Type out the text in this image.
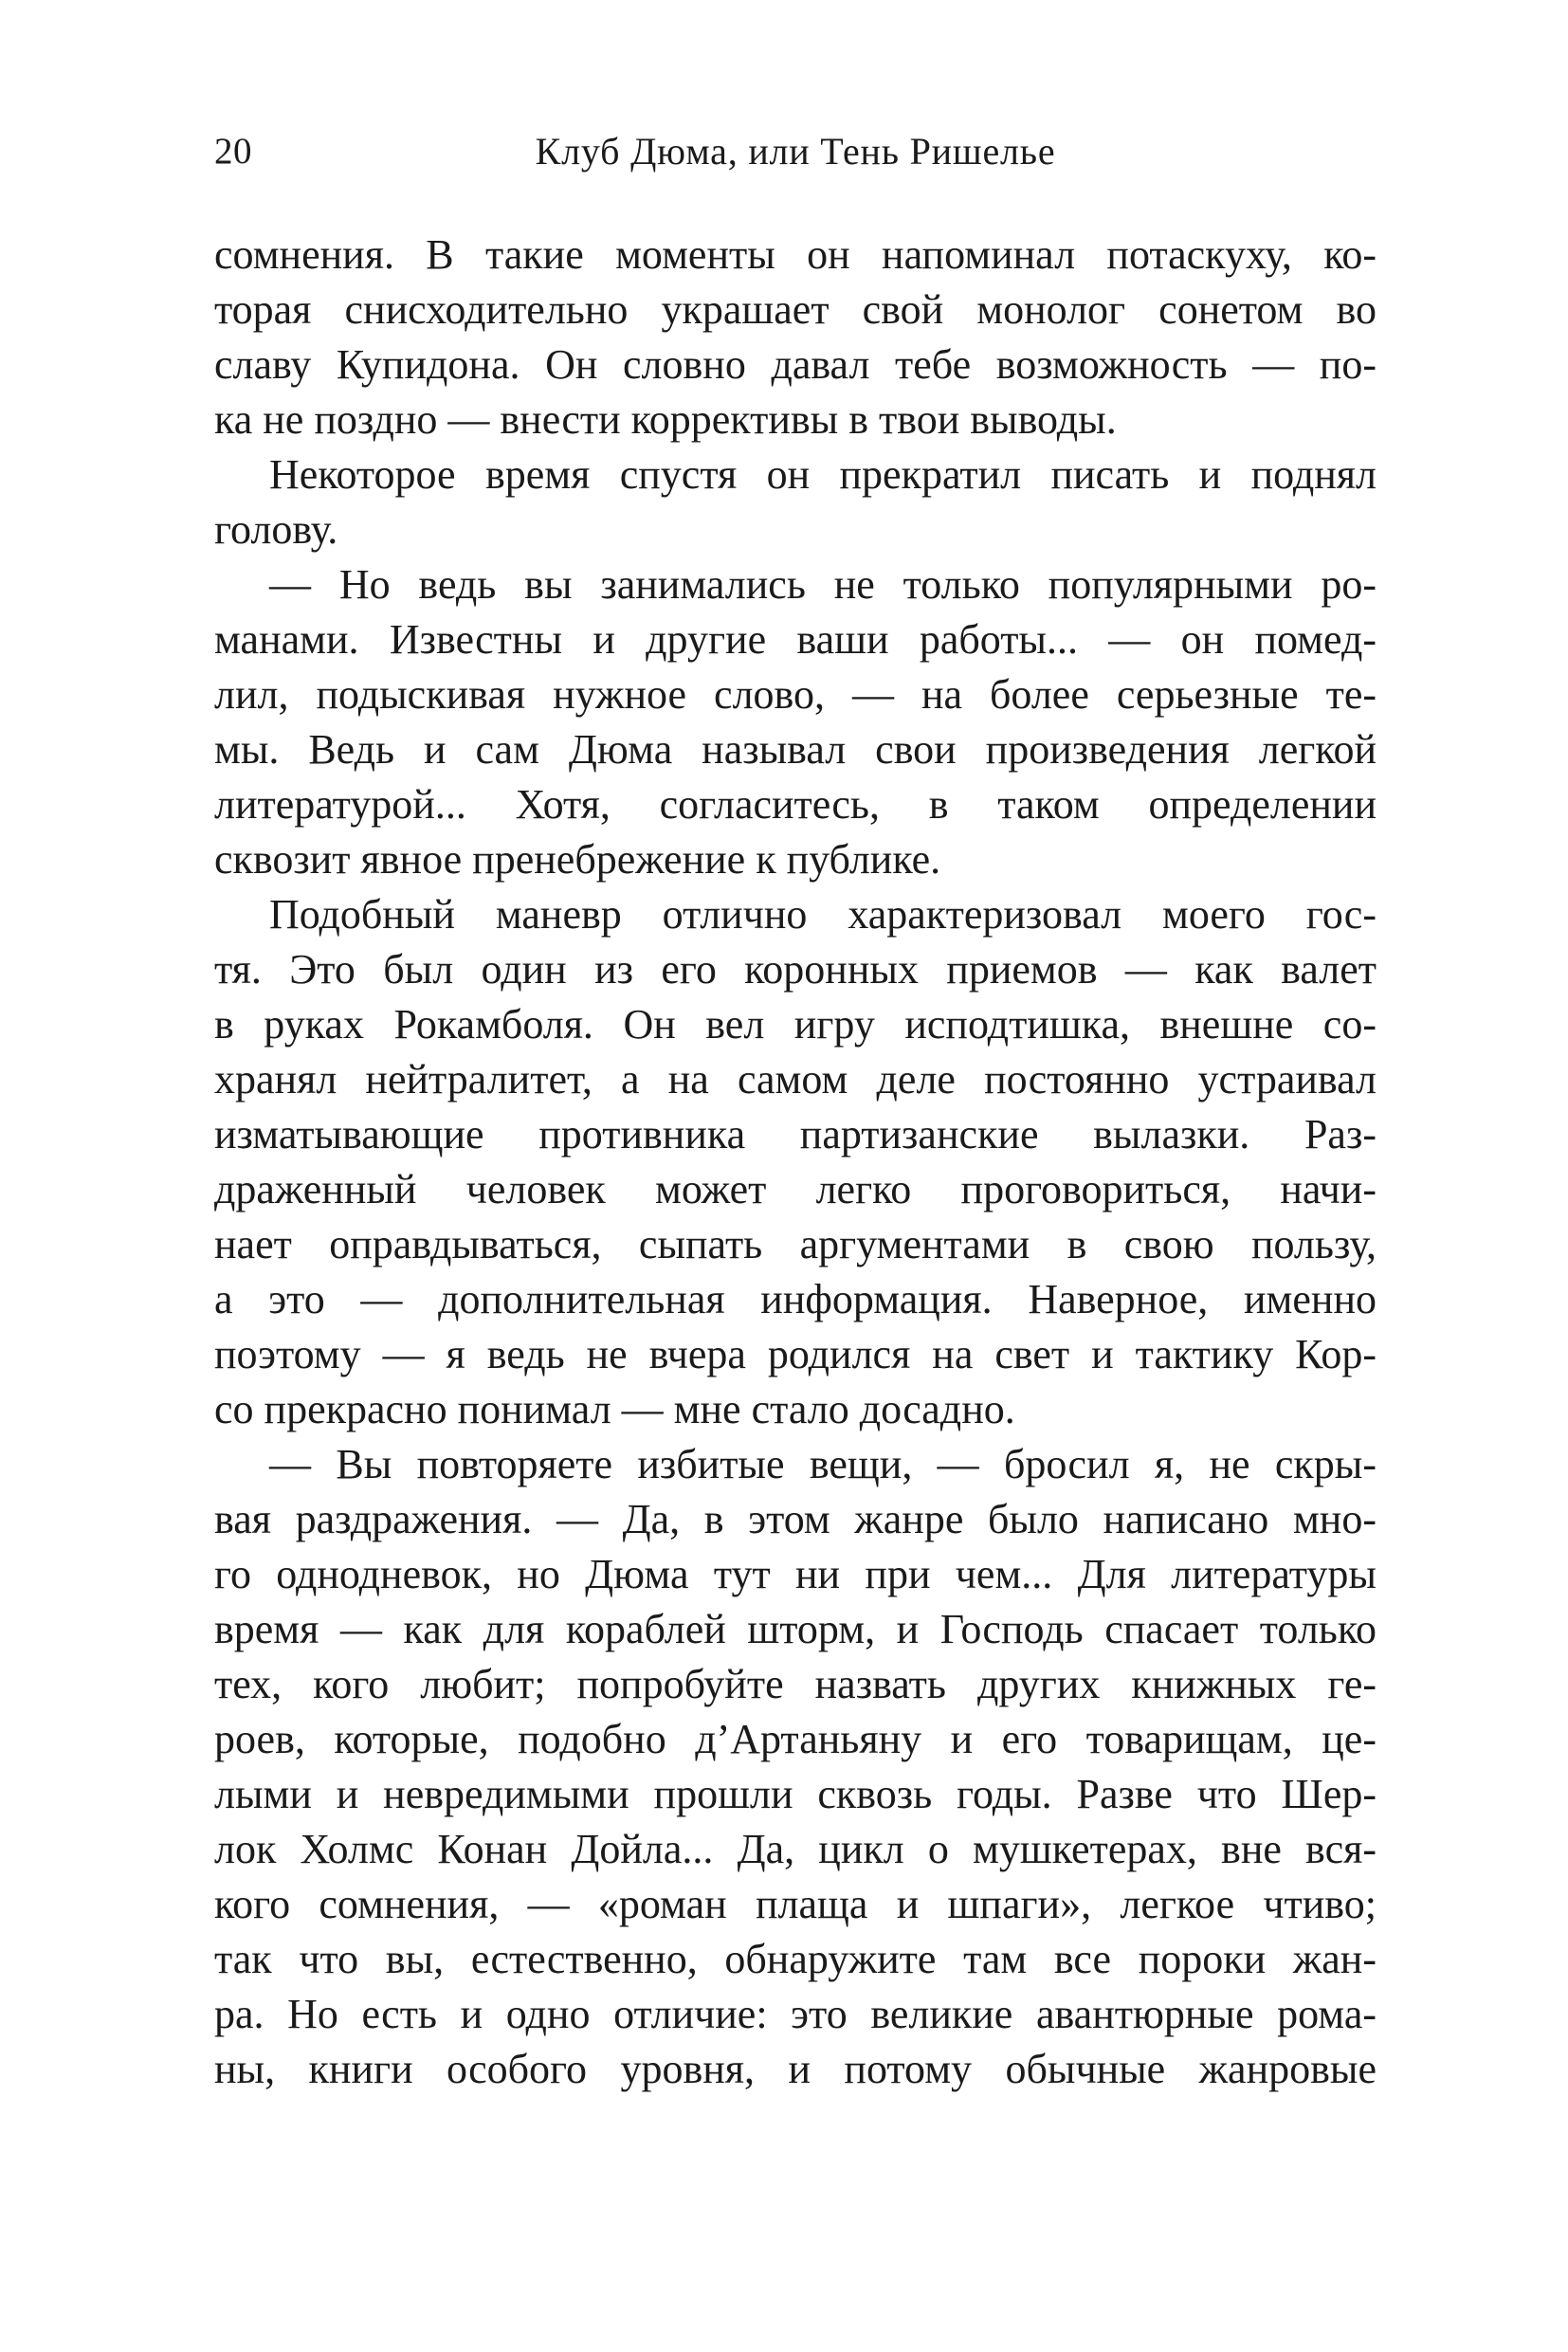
20	Клуб Дюма, или Тень Ришелье
сомнения. В такие моменты он напоминал потаскуху, ко-
торая снисходительно украшает свой монолог сонетом во
славу Купидона. Он словно давал тебе возможность — по-
ка не поздно — внести коррективы в твои выводы.
Некоторое время спустя он прекратил писать и поднял
голову.
— Но ведь вы занимались не только популярными ро-
манами. Известны и другие ваши работы... — он помед-
лил, подыскивая нужное слово, — на более серьезные те-
мы. Ведь и сам Дюма называл свои произведения легкой
литературой... Хотя, согласитесь, в таком определении
сквозит явное пренебрежение к публике.
Подобный маневр отлично характеризовал моего гос-
тя. Это был один из его коронных приемов — как валет
в руках Рокамболя. Он вел игру исподтишка, внешне со-
хранял нейтралитет, а на самом деле постоянно устраивал
изматывающие противника партизанские вылазки. Раз-
драженный человек может легко проговориться, начи-
нает оправдываться, сыпать аргументами в свою пользу,
а это — дополнительная информация. Наверное, именно
поэтому — я ведь не вчера родился на свет и тактику Кор-
со прекрасно понимал — мне стало досадно.
— Вы повторяете избитые вещи, — бросил я, не скры-
вая раздражения. — Да, в этом жанре было написано мно-
го однодневок, но Дюма тут ни при чем... Для литературы
время — как для кораблей шторм, и Господь спасает только
тех, кого любит; попробуйте назвать других книжных ге-
роев, которые, подобно д’Артаньяну и его товарищам, це-
лыми и невредимыми прошли сквозь годы. Разве что Шер-
лок Холмс Конан Дойла... Да, цикл о мушкетерах, вне вся-
кого сомнения, — «роман плаща и шпаги», легкое чтиво;
так что вы, естественно, обнаружите там все пороки жан-
ра. Но есть и одно отличие: это великие авантюрные рома-
ны, книги особого уровня, и потому обычные жанровые
